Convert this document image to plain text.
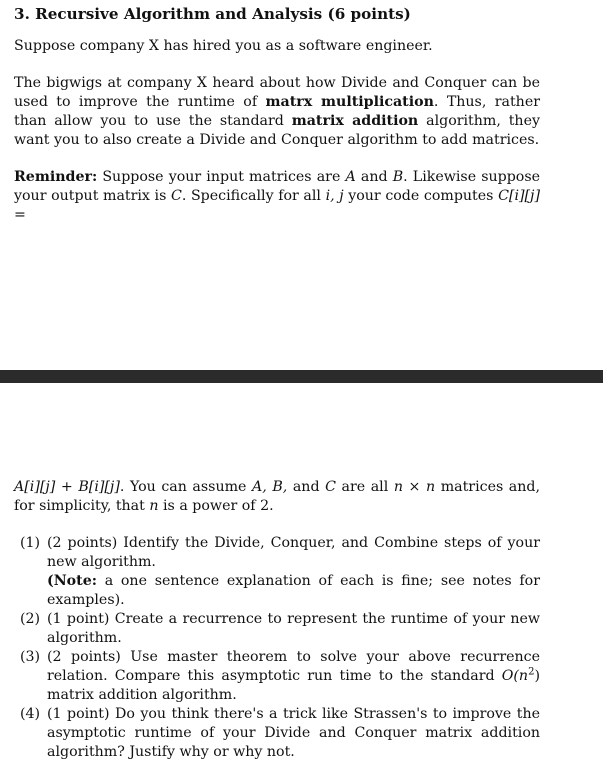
3. Recursive Algorithm and Analysis (6 points)

Suppose company X has hired you as a software engineer.

The bigwigs at company X heard about how Divide and Conquer can be used to improve the runtime of matrx multiplication. Thus, rather than allow you to use the standard matrix addition algorithm, they want you to also create a Divide and Conquer algorithm to add matrices.

Reminder: Suppose your input matrices are A and B. Likewise suppose your output matrix is C. Specifically for all i, j your code computes C[i][j] =

A[i][j] + B[i][j]. You can assume A, B, and C are all n × n matrices and, for simplicity, that n is a power of 2.

(1) (2 points) Identify the Divide, Conquer, and Combine steps of your new algorithm.
(Note: a one sentence explanation of each is fine; see notes for examples).
(2) (1 point) Create a recurrence to represent the runtime of your new algorithm.
(3) (2 points) Use master theorem to solve your above recurrence relation. Compare this asymptotic run time to the standard $O(n^2)$ matrix addition algorithm.
(4) (1 point) Do you think there's a trick like Strassen's to improve the asymptotic runtime of your Divide and Conquer matrix addition algorithm? Justify why or why not.
